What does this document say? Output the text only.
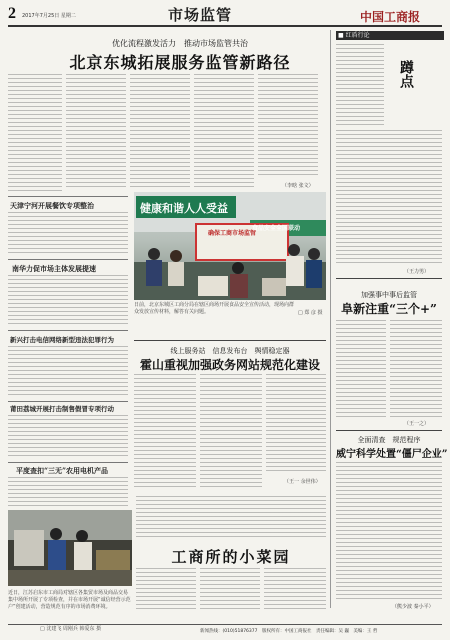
2 2017年7月25日 星期二	市场监管	中国工商报
优化流程激发活力　推动市场监管共治
北京东城拓展服务监管新路径
（李晗 张文）
天津宁河开展餐饮专项整治
南华力促市场主体发展提速
新兴打击电信网络新型违法犯罪行为
莆田荔城开展打击制售假冒专项行动
平度查扣“三无”农用电机产品
健康和谐人人受益
确保工商市场监管
食品安全全国联动
日前，北京东城区工商分局在辖区商场开展食品安全宣传活动，现场向群众发放宣传材料，解答有关问题。	□ 郑 彦 摄
■ 红盾行论
蹲点
（王力男）
加强事中事后监管
阜新注重“三个+”
（王一之）
全面清查　规范程序
威宁科学处置“僵尸企业”
（熊少波 秦小平）
线上服务站　信息发布台　舆情稳定器
霍山重视加强政务网站规范化建设
（王一 余世伟）
近日，江苏启东市工商局对辖区各集贸市场及商品交易集中场所开展了专项检查，并在市场开展“诚信经营示范户”创建活动，营造规范有序的市场消费环境。
□ 沈建飞 周刚兵 韩爱东 摄
工商所的小菜园
新闻热线：(010)51876377　版权所有：中国工商报社　责任编辑：吴 巍　美编：王 哲
